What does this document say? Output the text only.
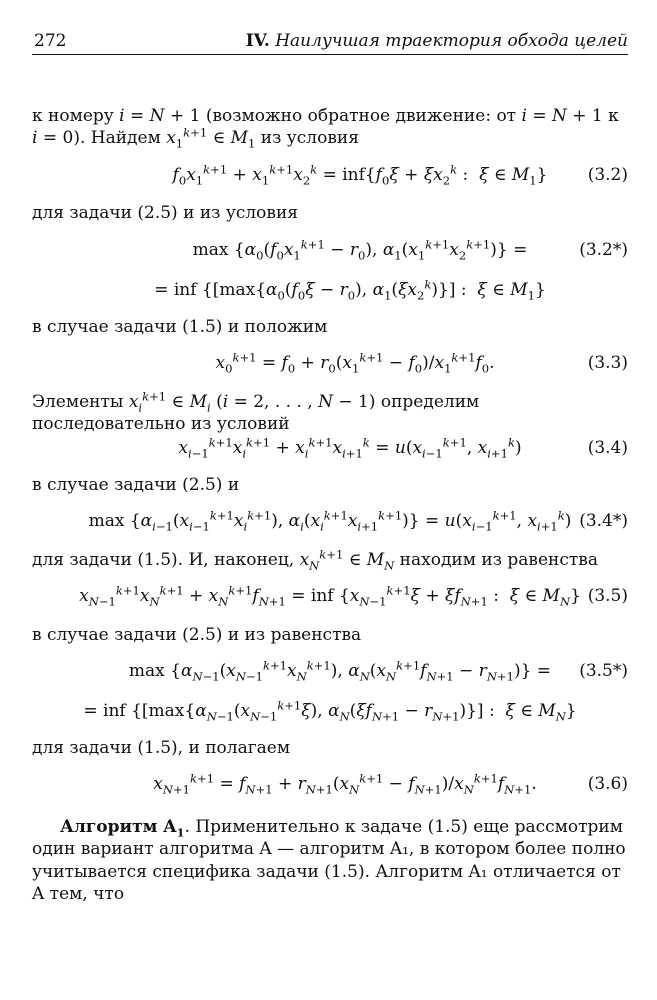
272	IV. Наилучшая траектория обхода целей

к номеру i = N + 1 (возможно обратное движение: от i = N + 1 к
i = 0). Найдем $x_1^{k+1}$ ∈ $M_1$ из условия

$f_0x_1^{k+1} + x_1^{k+1}x_2^k = inf\{f_0\xi + \xi x_2^k$ :  ξ ∈ $M_1$} (3.2)

для задачи (2.5) и из условия

$\max \{\alpha_0(f_0x_1^{k+1} - r_0)$, $\alpha_1(x_1^{k+1}x_2^{k+1})$} =	(3.2*)
= inf {[$\max\{\alpha_0(f_0\xi - r_0)$, $\alpha_1(\xi x_2^k)$}] :  ξ ∈ $M_1$}

в случае задачи (1.5) и положим

$x_0^{k+1} = f_0 + r_0(x_1^{k+1} - f_0)/x_1^{k+1}f_0$.	(3.3)

Элементы $x_i^{k+1}$ ∈ $M_i$ (i = 2, . . . , N − 1) определим последовательно из условий

$x_{i-1}^{k+1}x_i^{k+1} + x_i^{k+1}x_{i+1}^k = u(x_{i-1}^{k+1}$, $x_{i+1}^k$)	(3.4)

в случае задачи (2.5) и

$\max \{\alpha_{i-1}(x_{i-1}^{k+1}x_i^{k+1})$, $\alpha_i(x_i^{k+1}x_{i+1}^{k+1})\} = u(x_{i-1}^{k+1}$, $x_{i+1}^k$) (3.4*)

для задачи (1.5). И, наконец, $x_N^{k+1}$ ∈ $M_N$ находим из равенства

$x_{N-1}^{k+1}x_N^{k+1} + x_N^{k+1}f_{N+1}$ = inf {$x_{N-1}^{k+1}\xi + \xi f_{N+1}$ :  ξ ∈ $M_N$} (3.5)

в случае задачи (2.5) и из равенства

$\max \{\alpha_{N-1}(x_{N-1}^{k+1}x_N^{k+1})$, $\alpha_N(x_N^{k+1}f_{N+1} - r_{N+1})\} = (3.5*)$
= inf {[$\max\{\alpha_{N-1}(x_{N-1}^{k+1}\xi)$, $\alpha_N(\xi f_{N+1} - r_{N+1})$}] :  ξ ∈ $M_N$}

для задачи (1.5), и полагаем

$x_{N+1}^{k+1} = f_{N+1} + r_{N+1}(x_N^{k+1} - f_{N+1})/x_N^{k+1}f_{N+1}$.	(3.6)

Алгоритм $A_1$. Применительно к задаче (1.5) еще рассмотрим один вариант алгоритма A — алгоритм A₁, в котором более полно учитывается специфика задачи (1.5). Алгоритм A₁ отличается от A тем, что
